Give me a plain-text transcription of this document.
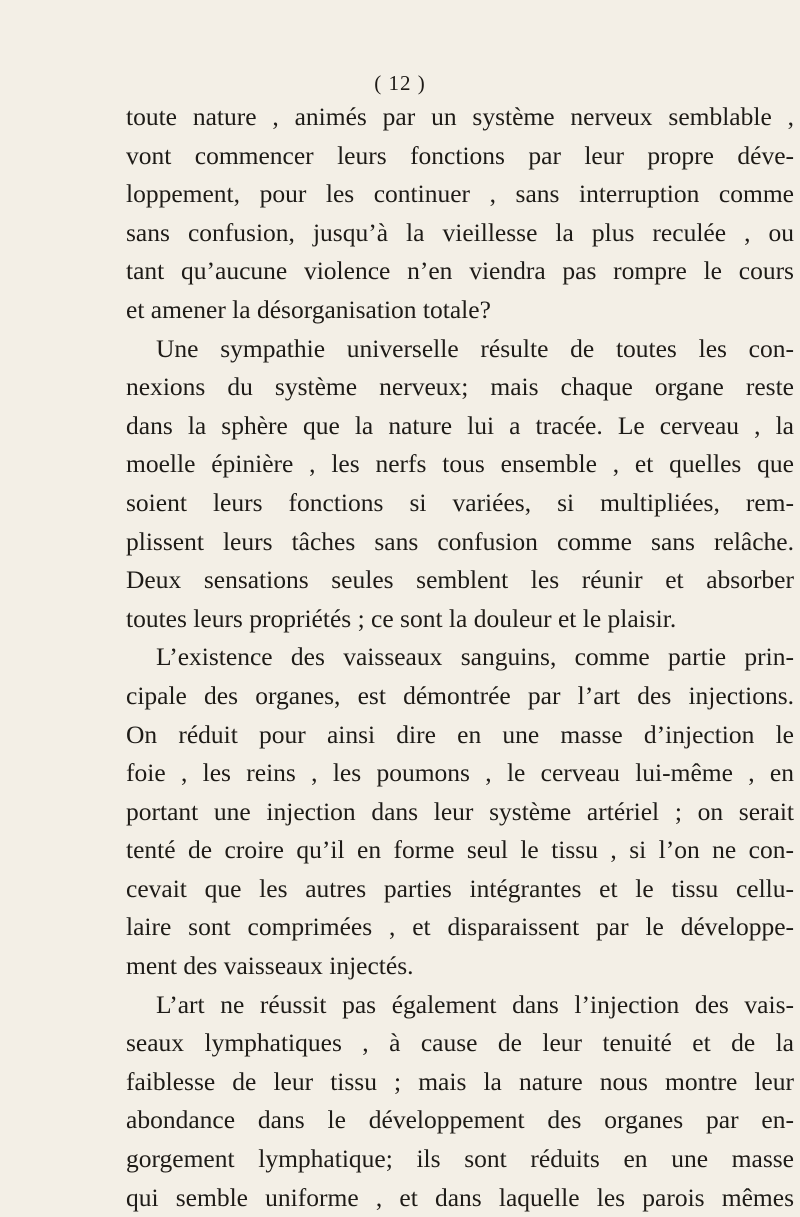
( 12 )
toute nature , animés par un système nerveux semblable ,
vont commencer leurs fonctions par leur propre déve-
loppement, pour les continuer , sans interruption comme
sans confusion, jusqu’à la vieillesse la plus reculée , ou
tant qu’aucune violence n’en viendra pas rompre le cours
et amener la désorganisation totale?
Une sympathie universelle résulte de toutes les con-
nexions du système nerveux; mais chaque organe reste
dans la sphère que la nature lui a tracée. Le cerveau , la
moelle épinière , les nerfs tous ensemble , et quelles que
soient leurs fonctions si variées, si multipliées, rem-
plissent leurs tâches sans confusion comme sans relâche.
Deux sensations seules semblent les réunir et absorber
toutes leurs propriétés ; ce sont la douleur et le plaisir.
L’existence des vaisseaux sanguins, comme partie prin-
cipale des organes, est démontrée par l’art des injections.
On réduit pour ainsi dire en une masse d’injection le
foie , les reins , les poumons , le cerveau lui-même , en
portant une injection dans leur système artériel ; on serait
tenté de croire qu’il en forme seul le tissu , si l’on ne con-
cevait que les autres parties intégrantes et le tissu cellu-
laire sont comprimées , et disparaissent par le développe-
ment des vaisseaux injectés.
L’art ne réussit pas également dans l’injection des vais-
seaux lymphatiques , à cause de leur tenuité et de la
faiblesse de leur tissu ; mais la nature nous montre leur
abondance dans le développement des organes par en-
gorgement lymphatique; ils sont réduits en une masse
qui semble uniforme , et dans laquelle les parois mêmes
